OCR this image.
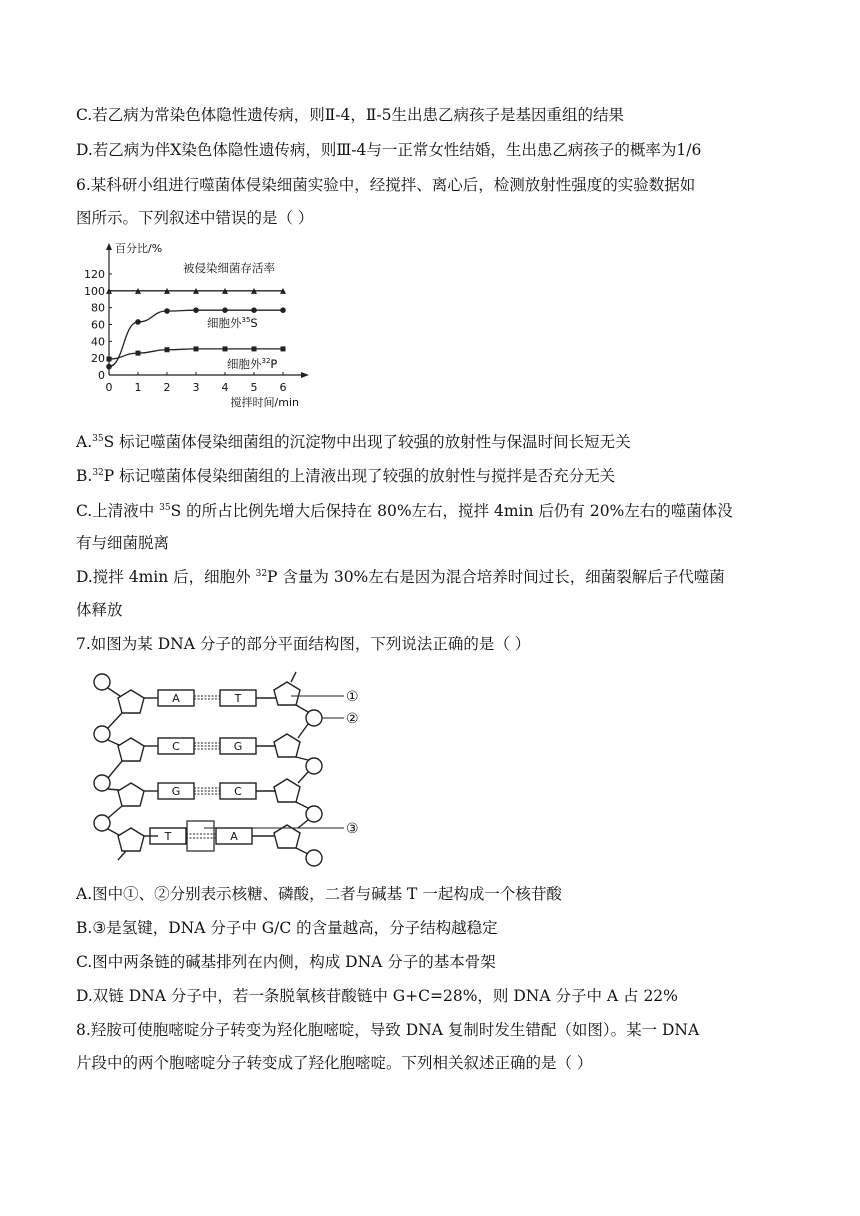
C.若乙病为常染色体隐性遗传病，则Ⅱ-4，Ⅱ-5生出患乙病孩子是基因重组的结果
D.若乙病为伴X染色体隐性遗传病，则Ⅲ-4与一正常女性结婚，生出患乙病孩子的概率为1/6
6.某科研小组进行噬菌体侵染细菌实验中，经搅拌、离心后，检测放射性强度的实验数据如
图所示。下列叙述中错误的是（ ）
0
20
40
60
80
100
120
0 1 2 3 4 5 6
百分比/%
搅拌时间/min
被侵染细菌存活率
细胞外$^{35}$S
细胞外$^{32}$P
A.$^{35}$S 标记噬菌体侵染细菌组的沉淀物中出现了较强的放射性与保温时间长短无关
B.$^{32}$P 标记噬菌体侵染细菌组的上清液出现了较强的放射性与搅拌是否充分无关
C.上清液中 $^{35}$S 的所占比例先增大后保持在 80%左右，搅拌 4min 后仍有 20%左右的噬菌体没
有与细菌脱离
D.搅拌 4min 后，细胞外 $^{32}$P 含量为 30%左右是因为混合培养时间过长，细菌裂解后子代噬菌
体释放
7.如图为某 DNA 分子的部分平面结构图，下列说法正确的是（ ）
A	T
C	G
G	C
T	A
①
②
③
A.图中①、②分别表示核糖、磷酸，二者与碱基 T 一起构成一个核苷酸
B.③是氢键，DNA 分子中 G/C 的含量越高，分子结构越稳定
C.图中两条链的碱基排列在内侧，构成 DNA 分子的基本骨架
D.双链 DNA 分子中，若一条脱氧核苷酸链中 G+C=28%，则 DNA 分子中 A 占 22%
8.羟胺可使胞嘧啶分子转变为羟化胞嘧啶，导致 DNA 复制时发生错配（如图）。某一 DNA
片段中的两个胞嘧啶分子转变成了羟化胞嘧啶。下列相关叙述正确的是（ ）
